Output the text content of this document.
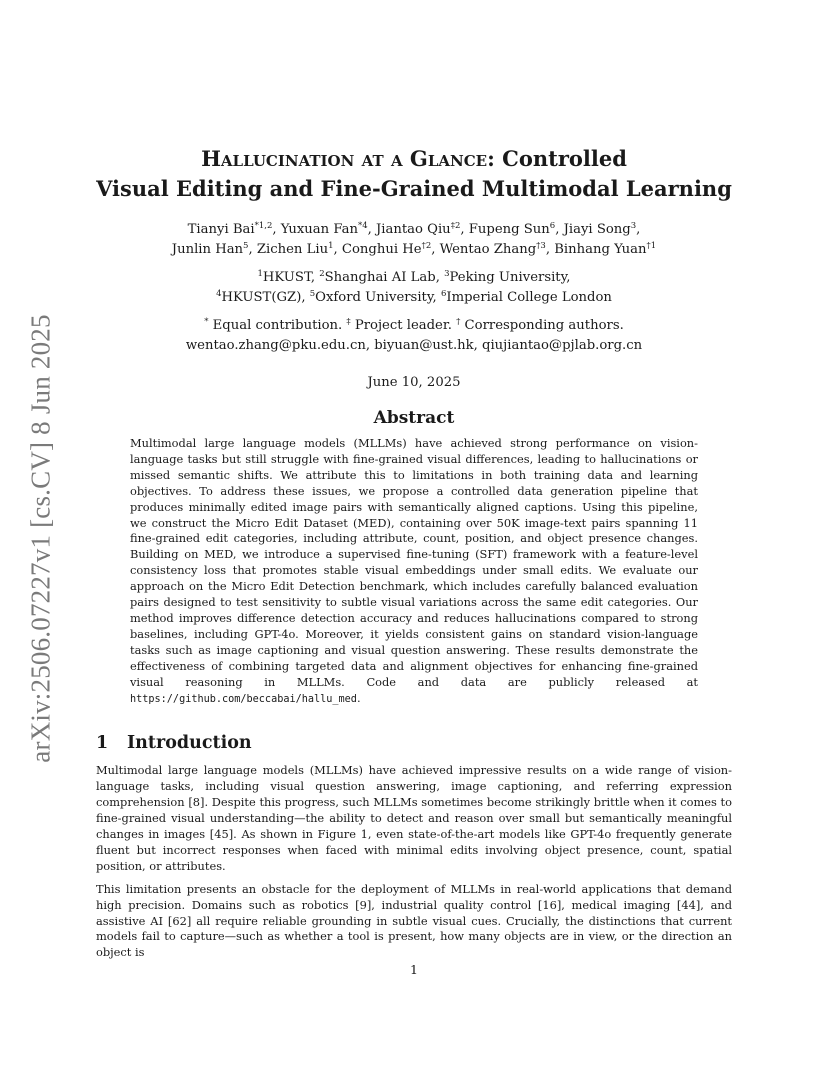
arXiv:2506.07227v1 [cs.CV] 8 Jun 2025
Hallucination at a Glance: Controlled
Visual Editing and Fine-Grained Multimodal Learning
Tianyi Bai$^{*1,2}$, Yuxuan Fan$^{*4}$, Jiantao Qiu$^{\ddagger 2}$, Fupeng Sun$^6$, Jiayi Song$^3$,
Junlin Han$^5$, Zichen Liu$^1$, Conghui He$^{\dagger 2}$, Wentao Zhang$^{\dagger 3}$, Binhang Yuan$^{\dagger 1}$
$^1$HKUST, $^2$Shanghai AI Lab, $^3$Peking University,
$^4$HKUST(GZ), $^5$Oxford University, $^6$Imperial College London
* Equal contribution. ‡ Project leader. † Corresponding authors.
wentao.zhang@pku.edu.cn, biyuan@ust.hk, qiujiantao@pjlab.org.cn
June 10, 2025
Abstract

Multimodal large language models (MLLMs) have achieved strong performance on vision-language tasks but still struggle with fine-grained visual differences, leading to hallucinations or missed semantic shifts. We attribute this to limitations in both training data and learning objectives. To address these issues, we propose a controlled data generation pipeline that produces minimally edited image pairs with semantically aligned captions. Using this pipeline, we construct the Micro Edit Dataset (MED), containing over 50K image-text pairs spanning 11 fine-grained edit categories, including attribute, count, position, and object presence changes. Building on MED, we introduce a supervised fine-tuning (SFT) framework with a feature-level consistency loss that promotes stable visual embeddings under small edits. We evaluate our approach on the Micro Edit Detection benchmark, which includes carefully balanced evaluation pairs designed to test sensitivity to subtle visual variations across the same edit categories. Our method improves difference detection accuracy and reduces hallucinations compared to strong baselines, including GPT-4o. Moreover, it yields consistent gains on standard vision-language tasks such as image captioning and visual question answering. These results demonstrate the effectiveness of combining targeted data and alignment objectives for enhancing fine-grained visual reasoning in MLLMs. Code and data are publicly released at https://github.com/beccabai/hallu_med.

1 Introduction

Multimodal large language models (MLLMs) have achieved impressive results on a wide range of vision-language tasks, including visual question answering, image captioning, and referring expression comprehension [8]. Despite this progress, such MLLMs sometimes become strikingly brittle when it comes to fine-grained visual understanding—the ability to detect and reason over small but semantically meaningful changes in images [45]. As shown in Figure 1, even state-of-the-art models like GPT-4o frequently generate fluent but incorrect responses when faced with minimal edits involving object presence, count, spatial position, or attributes.

This limitation presents an obstacle for the deployment of MLLMs in real-world applications that demand high precision. Domains such as robotics [9], industrial quality control [16], medical imaging [44], and assistive AI [62] all require reliable grounding in subtle visual cues. Crucially, the distinctions that current models fail to capture—such as whether a tool is present, how many objects are in view, or the direction an object is

1
